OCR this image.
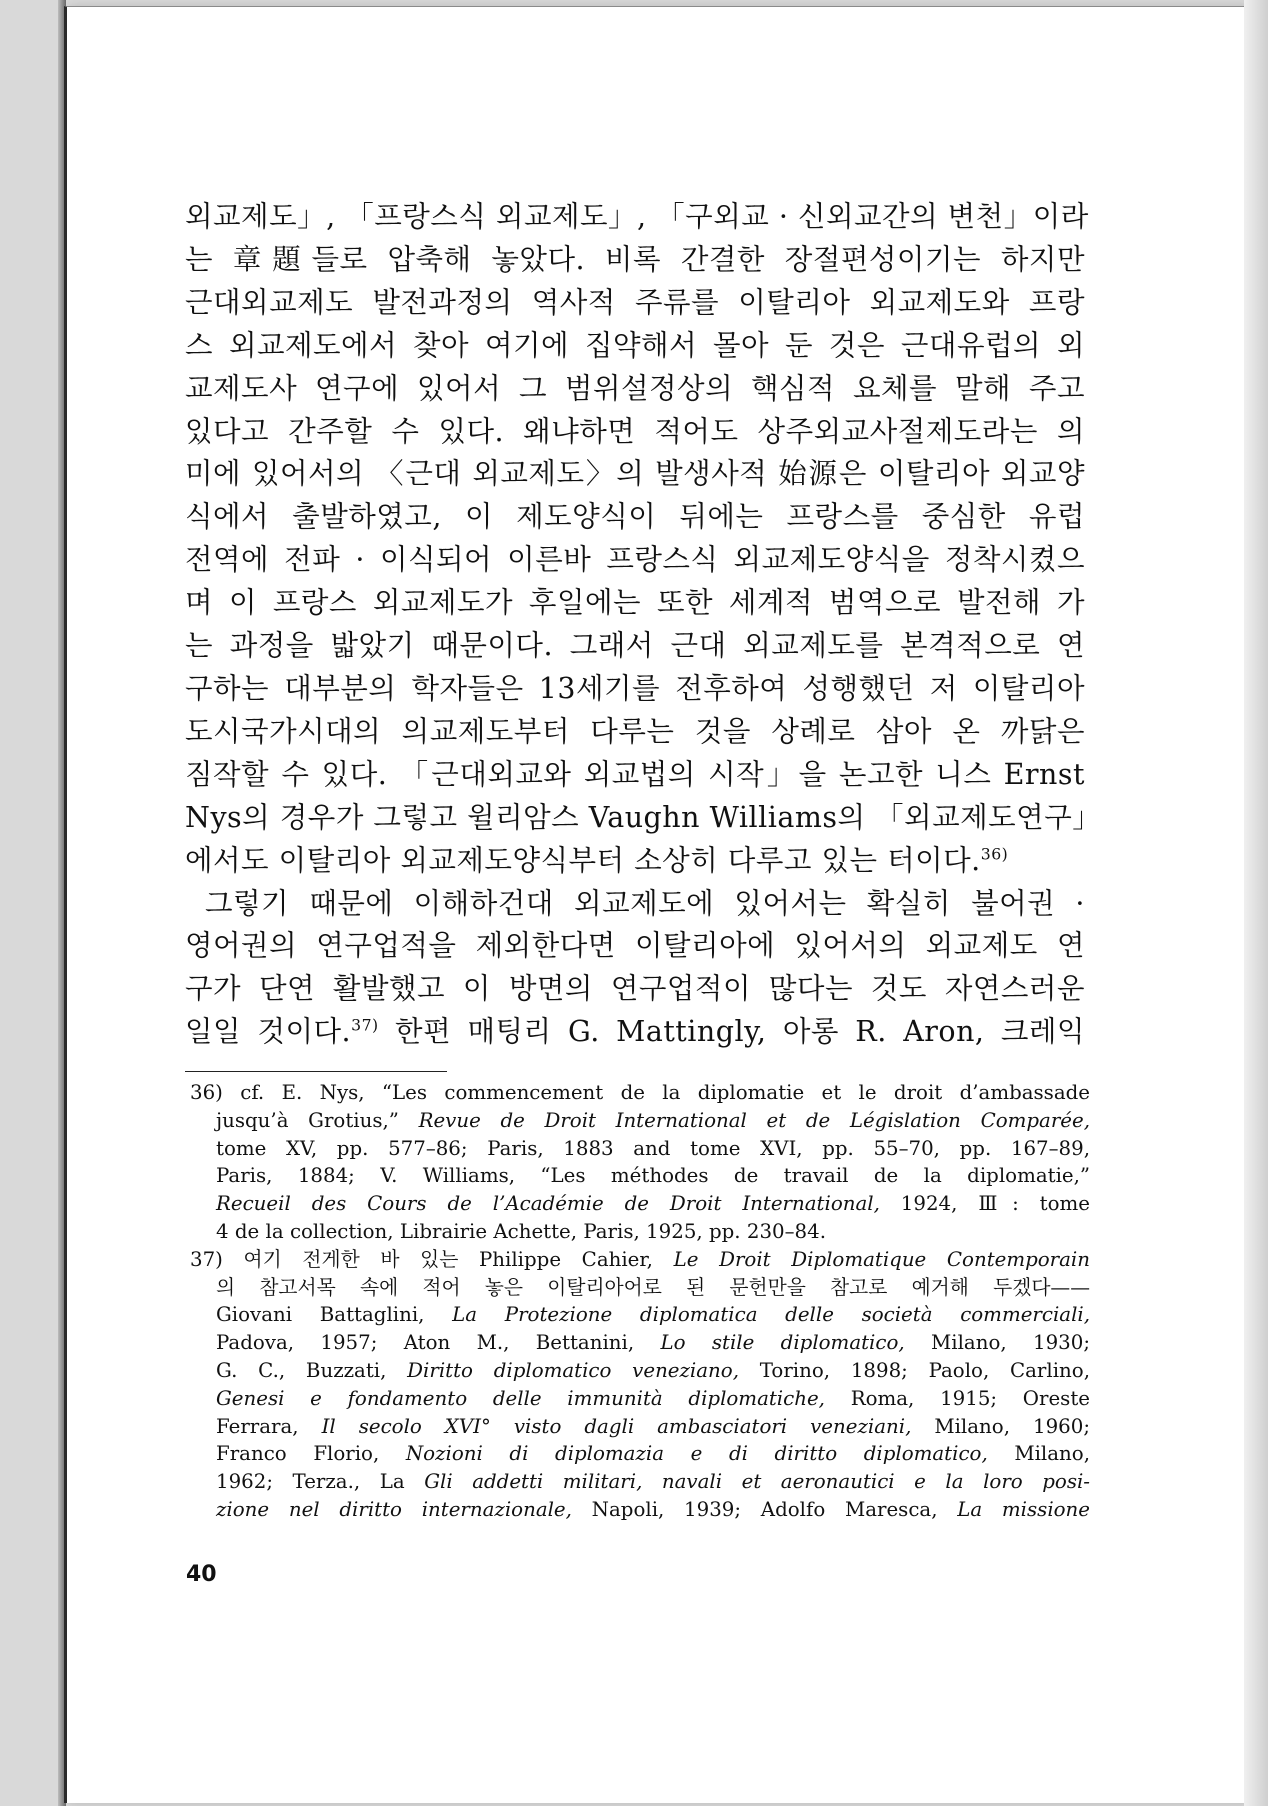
외교제도」, 「프랑스식 외교제도」, 「구외교 · 신외교간의 변천」이라
는 章題들로 압축해 놓았다. 비록 간결한 장절편성이기는 하지만
근대외교제도 발전과정의 역사적 주류를 이탈리아 외교제도와 프랑
스 외교제도에서 찾아 여기에 집약해서 몰아 둔 것은 근대유럽의 외
교제도사 연구에 있어서 그 범위설정상의 핵심적 요체를 말해 주고
있다고 간주할 수 있다. 왜냐하면 적어도 상주외교사절제도라는 의
미에 있어서의 〈근대 외교제도〉의 발생사적 始源은 이탈리아 외교양
식에서 출발하였고, 이 제도양식이 뒤에는 프랑스를 중심한 유럽
전역에 전파 · 이식되어 이른바 프랑스식 외교제도양식을 정착시켰으
며 이 프랑스 외교제도가 후일에는 또한 세계적 범역으로 발전해 가
는 과정을 밟았기 때문이다. 그래서 근대 외교제도를 본격적으로 연
구하는 대부분의 학자들은 13세기를 전후하여 성행했던 저 이탈리아
도시국가시대의 의교제도부터 다루는 것을 상례로 삼아 온 까닭은
짐작할 수 있다. 「근대외교와 외교법의 시작」을 논고한 니스 Ernst
Nys의 경우가 그렇고 윌리암스 Vaughn Williams의 「외교제도연구」
에서도 이탈리아 외교제도양식부터 소상히 다루고 있는 터이다.$^{36)}$
그렇기 때문에 이해하건대 외교제도에 있어서는 확실히 불어권 ·
영어권의 연구업적을 제외한다면 이탈리아에 있어서의 외교제도 연
구가 단연 활발했고 이 방면의 연구업적이 많다는 것도 자연스러운
일일 것이다.$^{37)}$ 한편 매팅리 G. Mattingly, 아롱 R. Aron, 크레익
36) cf. E. Nys, “Les commencement de la diplomatie et le droit d’ambassade
jusqu’à Grotius,” Revue de Droit International et de Législation Comparée,
tome XV, pp. 577–86; Paris, 1883 and tome XVI, pp. 55–70, pp. 167–89,
Paris, 1884; V. Williams, “Les méthodes de travail de la diplomatie,”
Recueil des Cours de l’Académie de Droit International, 1924, Ⅲ: tome
4 de la collection, Librairie Achette, Paris, 1925, pp. 230–84.
37) 여기 전게한 바 있는 Philippe Cahier, Le Droit Diplomatique Contemporain
의 참고서목 속에 적어 놓은 이탈리아어로 된 문헌만을 참고로 예거해 두겠다——
Giovani Battaglini, La Protezione diplomatica delle società commerciali,
Padova, 1957; Aton M., Bettanini, Lo stile diplomatico, Milano, 1930;
G. C., Buzzati, Diritto diplomatico veneziano, Torino, 1898; Paolo, Carlino,
Genesi e fondamento delle immunità diplomatiche, Roma, 1915; Oreste
Ferrara, Il secolo XVI° visto dagli ambasciatori veneziani, Milano, 1960;
Franco Florio, Nozioni di diplomazia e di diritto diplomatico, Milano,
1962; Terza., La Gli addetti militari, navali et aeronautici e la loro posi-
zione nel diritto internazionale, Napoli, 1939; Adolfo Maresca, La missione
40
